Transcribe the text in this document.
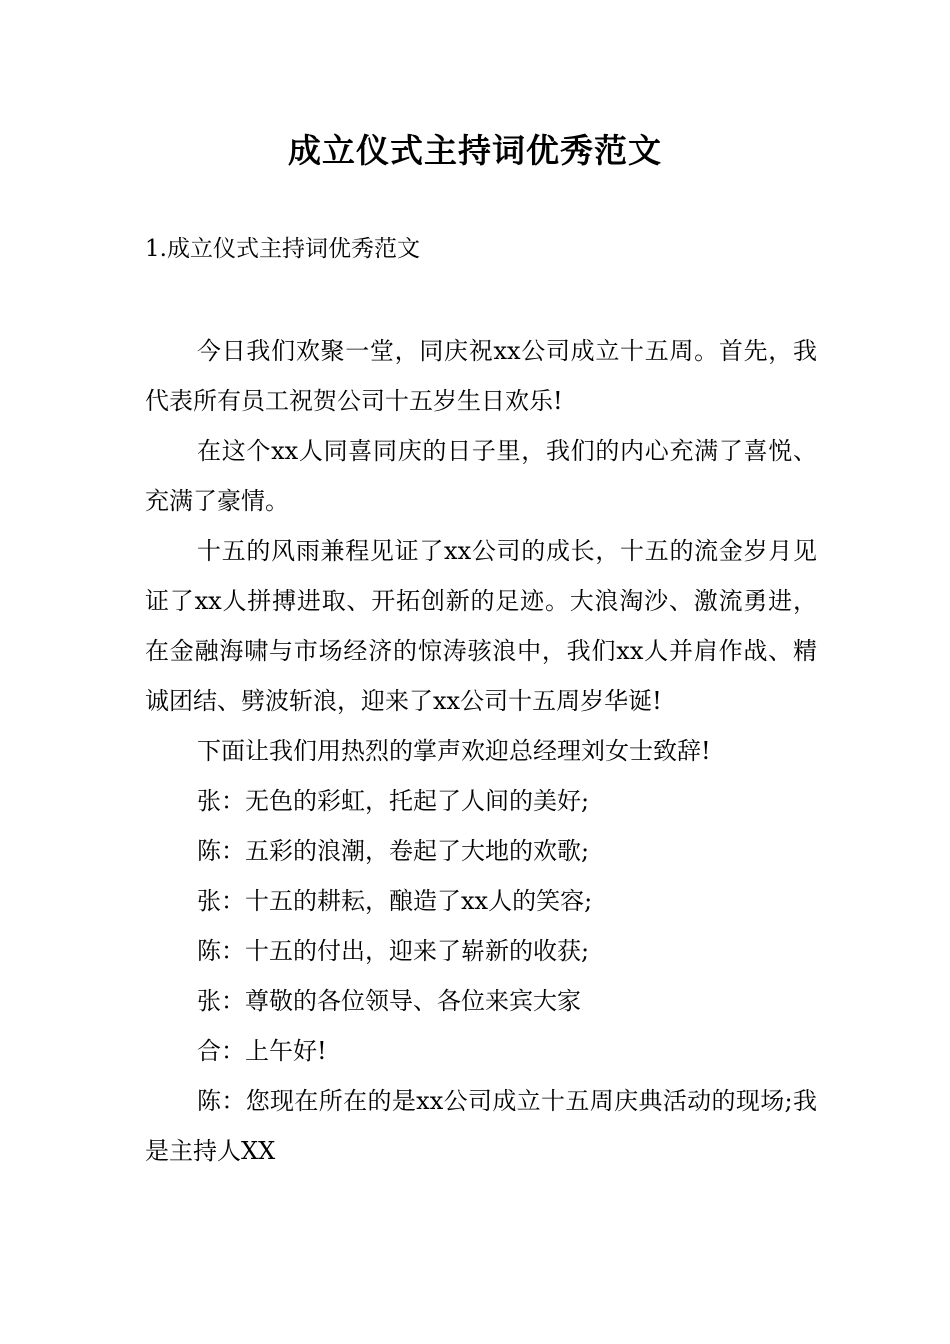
成立仪式主持词优秀范文
1.成立仪式主持词优秀范文

今日我们欢聚一堂，同庆祝xx公司成立十五周。首先，我代表所有员工祝贺公司十五岁生日欢乐!

在这个xx人同喜同庆的日子里，我们的内心充满了喜悦、充满了豪情。

十五的风雨兼程见证了xx公司的成长，十五的流金岁月见证了xx人拼搏进取、开拓创新的足迹。大浪淘沙、激流勇进，在金融海啸与市场经济的惊涛骇浪中，我们xx人并肩作战、精诚团结、劈波斩浪，迎来了xx公司十五周岁华诞!

下面让我们用热烈的掌声欢迎总经理刘女士致辞!

张：无色的彩虹，托起了人间的美好;

陈：五彩的浪潮，卷起了大地的欢歌;

张：十五的耕耘，酿造了xx人的笑容;

陈：十五的付出，迎来了崭新的收获;

张：尊敬的各位领导、各位来宾大家

合：上午好!

陈：您现在所在的是xx公司成立十五周庆典活动的现场;我是主持人XX
